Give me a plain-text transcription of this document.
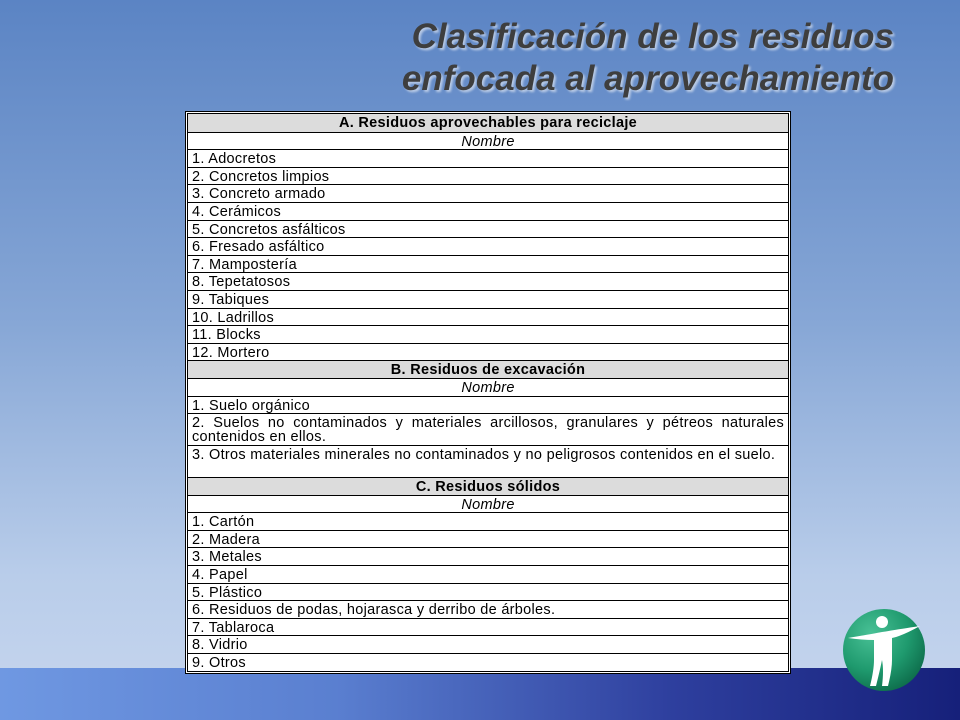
Clasificación de los residuos
enfocada al aprovechamiento
A. Residuos aprovechables para reciclaje
Nombre
1. Adocretos
2. Concretos limpios
3. Concreto armado
4. Cerámicos
5. Concretos asfálticos
6. Fresado asfáltico
7. Mampostería
8. Tepetatosos
9. Tabiques
10. Ladrillos
11. Blocks
12. Mortero
B. Residuos de excavación
Nombre
1. Suelo orgánico
2. Suelos no contaminados y materiales arcillosos, granulares y pétreos naturales contenidos en ellos.
3. Otros materiales minerales no contaminados y no peligrosos contenidos en el suelo.
C. Residuos sólidos
Nombre
1. Cartón
2. Madera
3. Metales
4. Papel
5. Plástico
6. Residuos de podas, hojarasca y derribo de árboles.
7. Tablaroca
8. Vidrio
9. Otros
